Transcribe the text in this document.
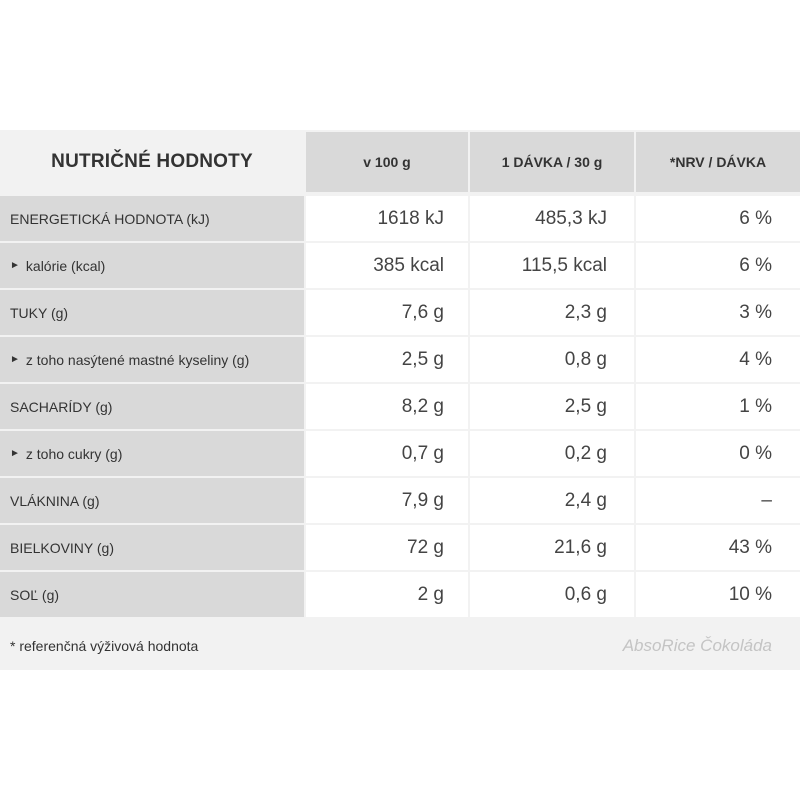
NUTRIČNÉ HODNOTY	v 100 g	1 DÁVKA / 30 g	*NRV / DÁVKA
ENERGETICKÁ HODNOTA (kJ)	1618 kJ	485,3 kJ	6 %
► kalórie (kcal)	385 kcal	115,5 kcal	6 %
TUKY (g)	7,6 g	2,3 g	3 %
► z toho nasýtené mastné kyseliny (g)	2,5 g	0,8 g	4 %
SACHARÍDY (g)	8,2 g	2,5 g	1 %
► z toho cukry (g)	0,7 g	0,2 g	0 %
VLÁKNINA (g)	7,9 g	2,4 g	–
BIELKOVINY (g)	72 g	21,6 g	43 %
SOĽ (g)	2 g	0,6 g	10 %
* referenčná výživová hodnota	AbsoRice Čokoláda
